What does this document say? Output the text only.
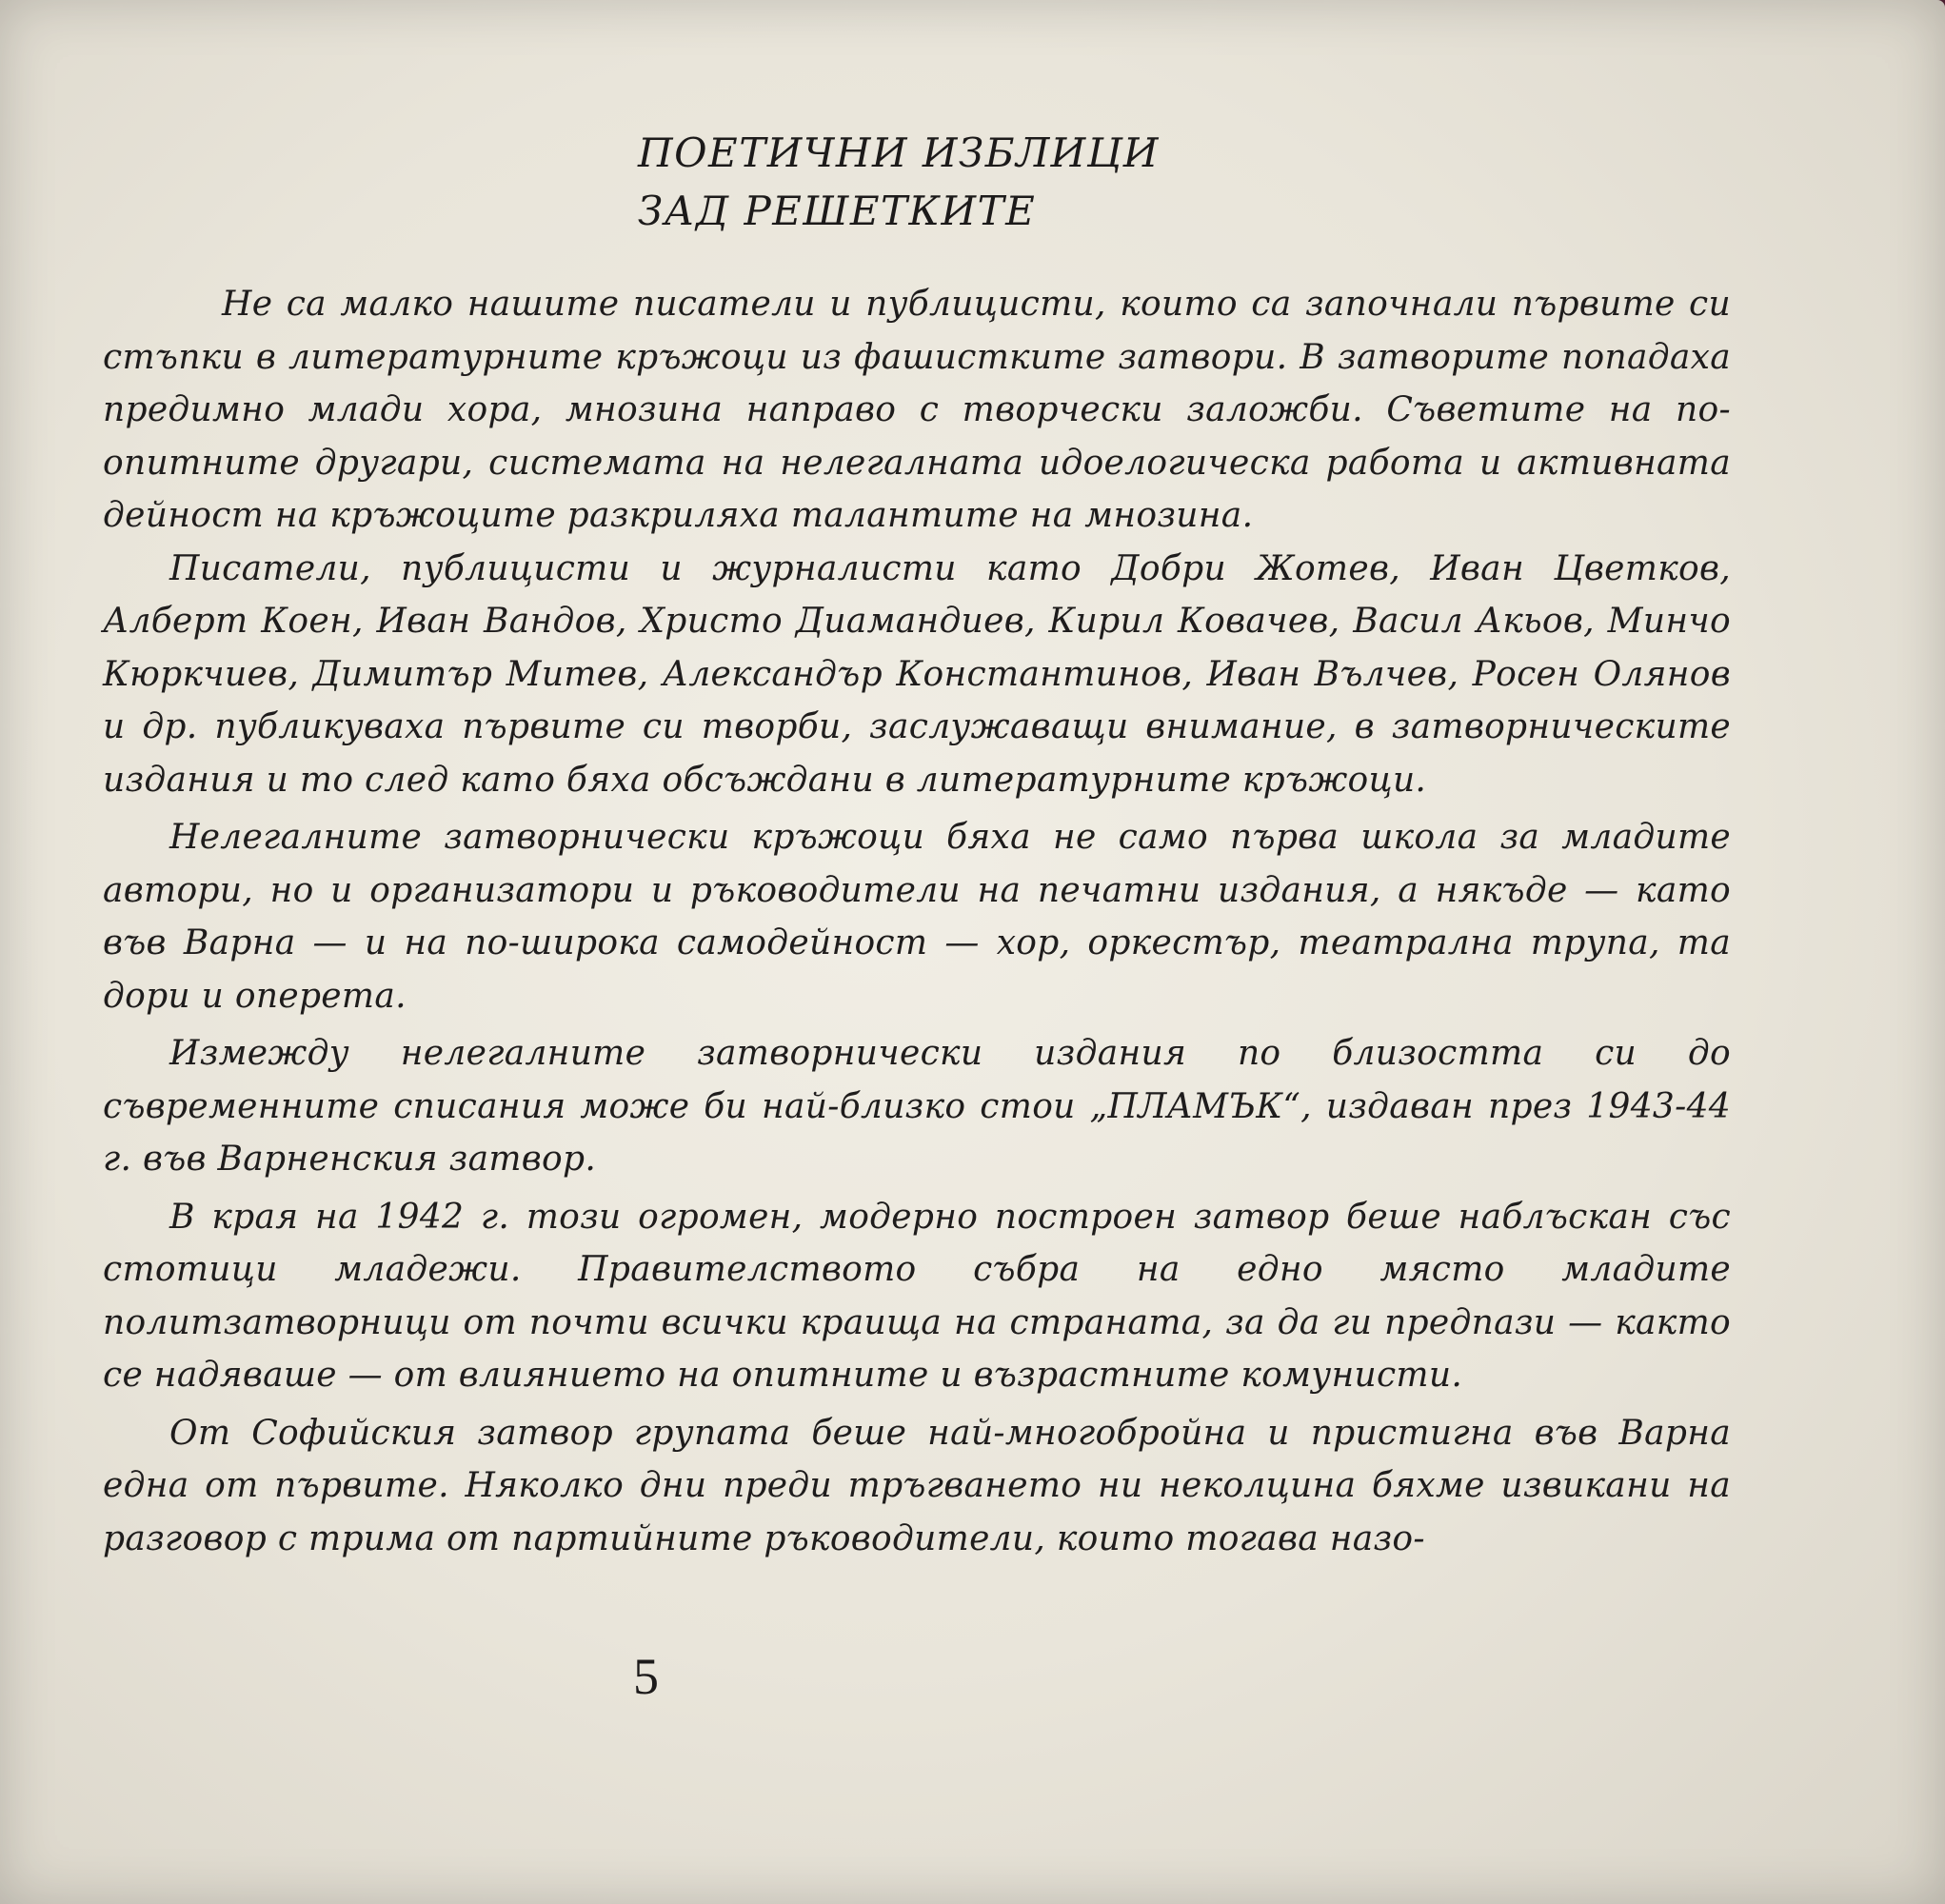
ПОЕТИЧНИ ИЗБЛИЦИ
ЗАД РЕШЕТКИТЕ

Не са малко нашите писатели и публицисти, които са започнали първите си стъпки в литературните кръжоци из фашистките затвори. В затворите попадаха предимно млади хора, мнозина направо с творчески заложби. Съветите на по-опитните другари, системата на нелегалната идоелогическа работа и активната дейност на кръжоците разкриляха талантите на мнозина.

Писатели, публицисти и журналисти като Добри Жотев, Иван Цветков, Алберт Коен, Иван Вандов, Христо Диамандиев, Кирил Ковачев, Васил Акьов, Минчо Кюркчиев, Димитър Митев, Александър Константинов, Иван Вълчев, Росен Олянов и др. публикуваха първите си творби, заслужаващи внимание, в затворническите издания и то след като бяха обсъждани в литературните кръжоци.

Нелегалните затворнически кръжоци бяха не само първа школа за младите автори, но и организатори и ръководители на печатни издания, а някъде — като във Варна — и на по-широка самодейност — хор, оркестър, театрална трупа, та дори и оперета.

Измежду нелегалните затворнически издания по близостта си до съвременните списания може би най-близко стои „ПЛАМЪК“, издаван през 1943-44 г. във Варненския затвор.

В края на 1942 г. този огромен, модерно построен затвор беше наблъскан със стотици младежи. Правителството събра на едно място младите политзатворници от почти всички краища на страната, за да ги предпази — както се надяваше — от влиянието на опитните и възрастните комунисти.

От Софийския затвор групата беше най-многобройна и пристигна във Варна една от първите. Няколко дни преди тръгването ни неколцина бяхме извикани на разговор с трима от партийните ръководители, които тогава назо-

5
